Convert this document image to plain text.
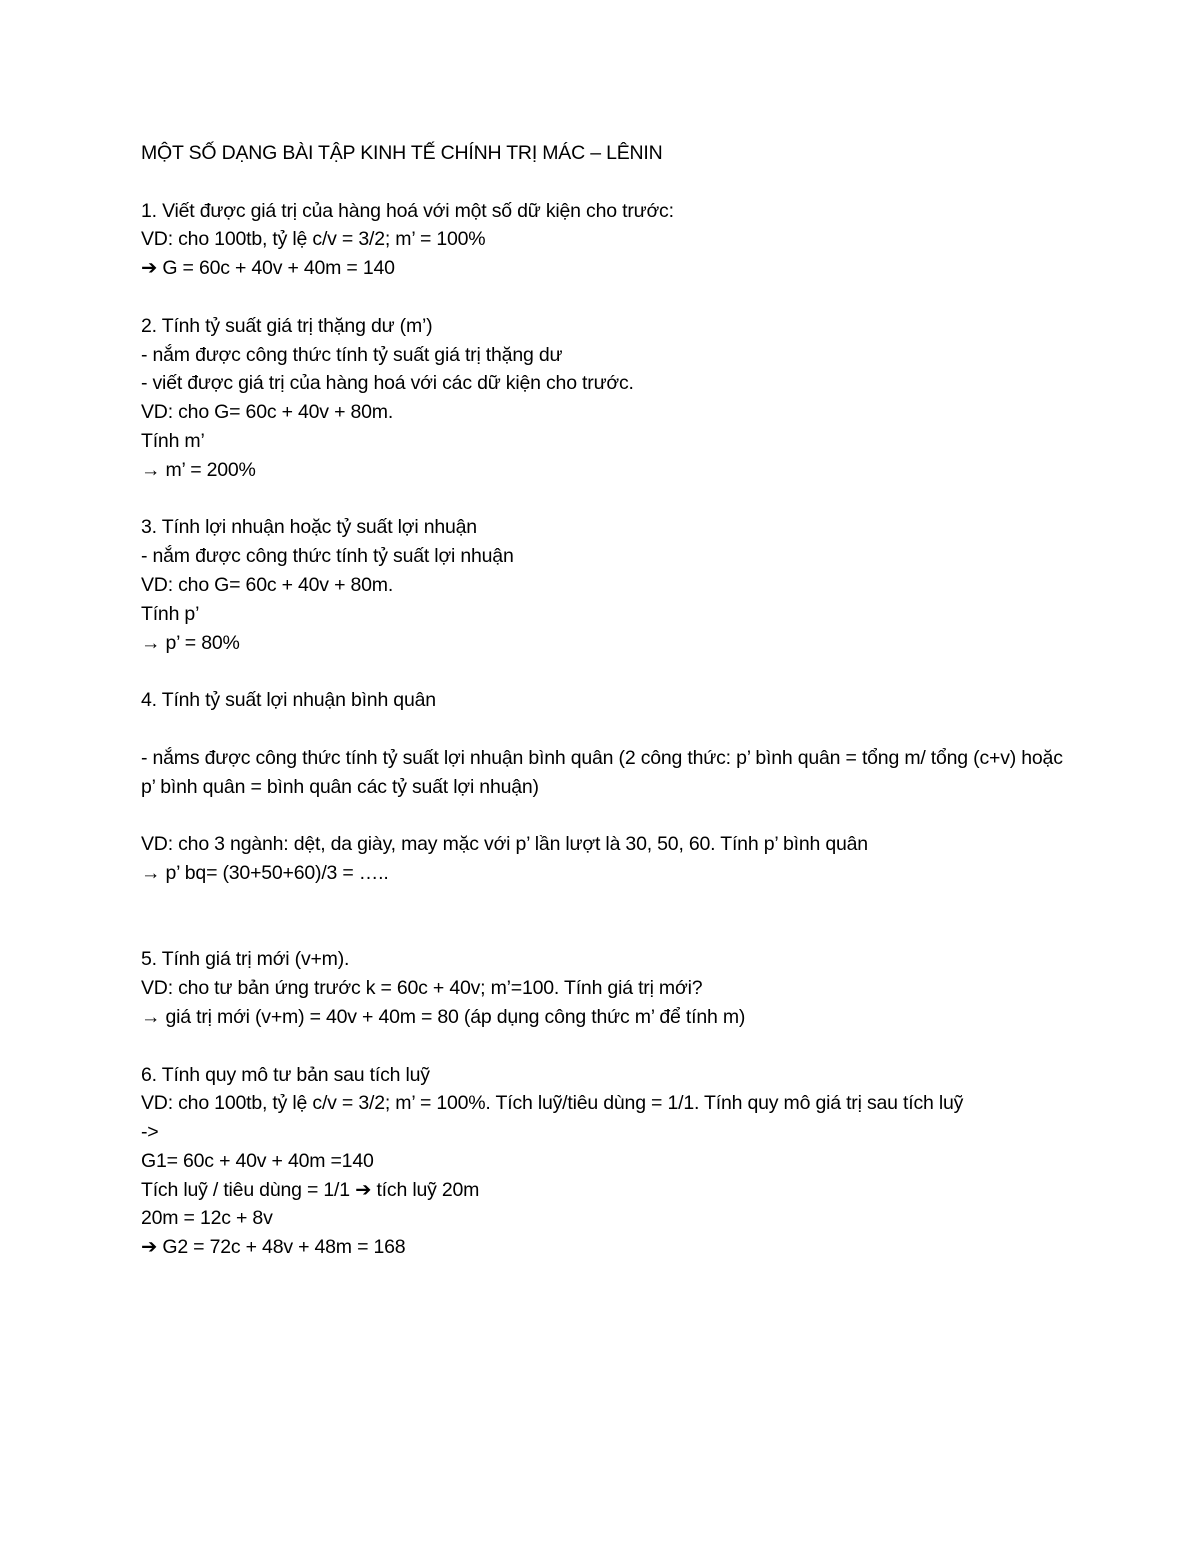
MỘT SỐ DẠNG BÀI TẬP KINH TẾ CHÍNH TRỊ MÁC – LÊNIN
1. Viết được giá trị của hàng hoá với một số dữ kiện cho trước:
VD: cho 100tb, tỷ lệ c/v = 3/2; m’ = 100%
➔ G = 60c + 40v + 40m = 140
2. Tính tỷ suất giá trị thặng dư (m’)
- nắm được công thức tính tỷ suất giá trị thặng dư
- viết được giá trị của hàng hoá với các dữ kiện cho trước.
VD: cho G= 60c + 40v + 80m.
Tính m’
→ m’ = 200%
3. Tính lợi nhuận hoặc tỷ suất lợi nhuận
- nắm được công thức tính tỷ suất lợi nhuận
VD: cho G= 60c + 40v + 80m.
Tính p’
→ p’ = 80%
4. Tính tỷ suất lợi nhuận bình quân
- nắms được công thức tính tỷ suất lợi nhuận bình quân (2 công thức: p’ bình quân = tổng m/ tổng (c+v) hoặc p’ bình quân = bình quân các tỷ suất lợi nhuận)
VD: cho 3 ngành: dệt, da giày, may mặc với p’ lần lượt là 30, 50, 60. Tính p’ bình quân
→ p’ bq= (30+50+60)/3 = …..
5. Tính giá trị mới (v+m).
VD: cho tư bản ứng trước k = 60c + 40v; m’=100. Tính giá trị mới?
→ giá trị mới (v+m) = 40v + 40m = 80 (áp dụng công thức m’ để tính m)
6. Tính quy mô tư bản sau tích luỹ
VD: cho 100tb, tỷ lệ c/v = 3/2; m’ = 100%. Tích luỹ/tiêu dùng = 1/1. Tính quy mô giá trị sau tích luỹ
->
G1= 60c + 40v + 40m =140
Tích luỹ / tiêu dùng = 1/1 ➔ tích luỹ 20m
20m = 12c + 8v
➔ G2 = 72c + 48v + 48m = 168
